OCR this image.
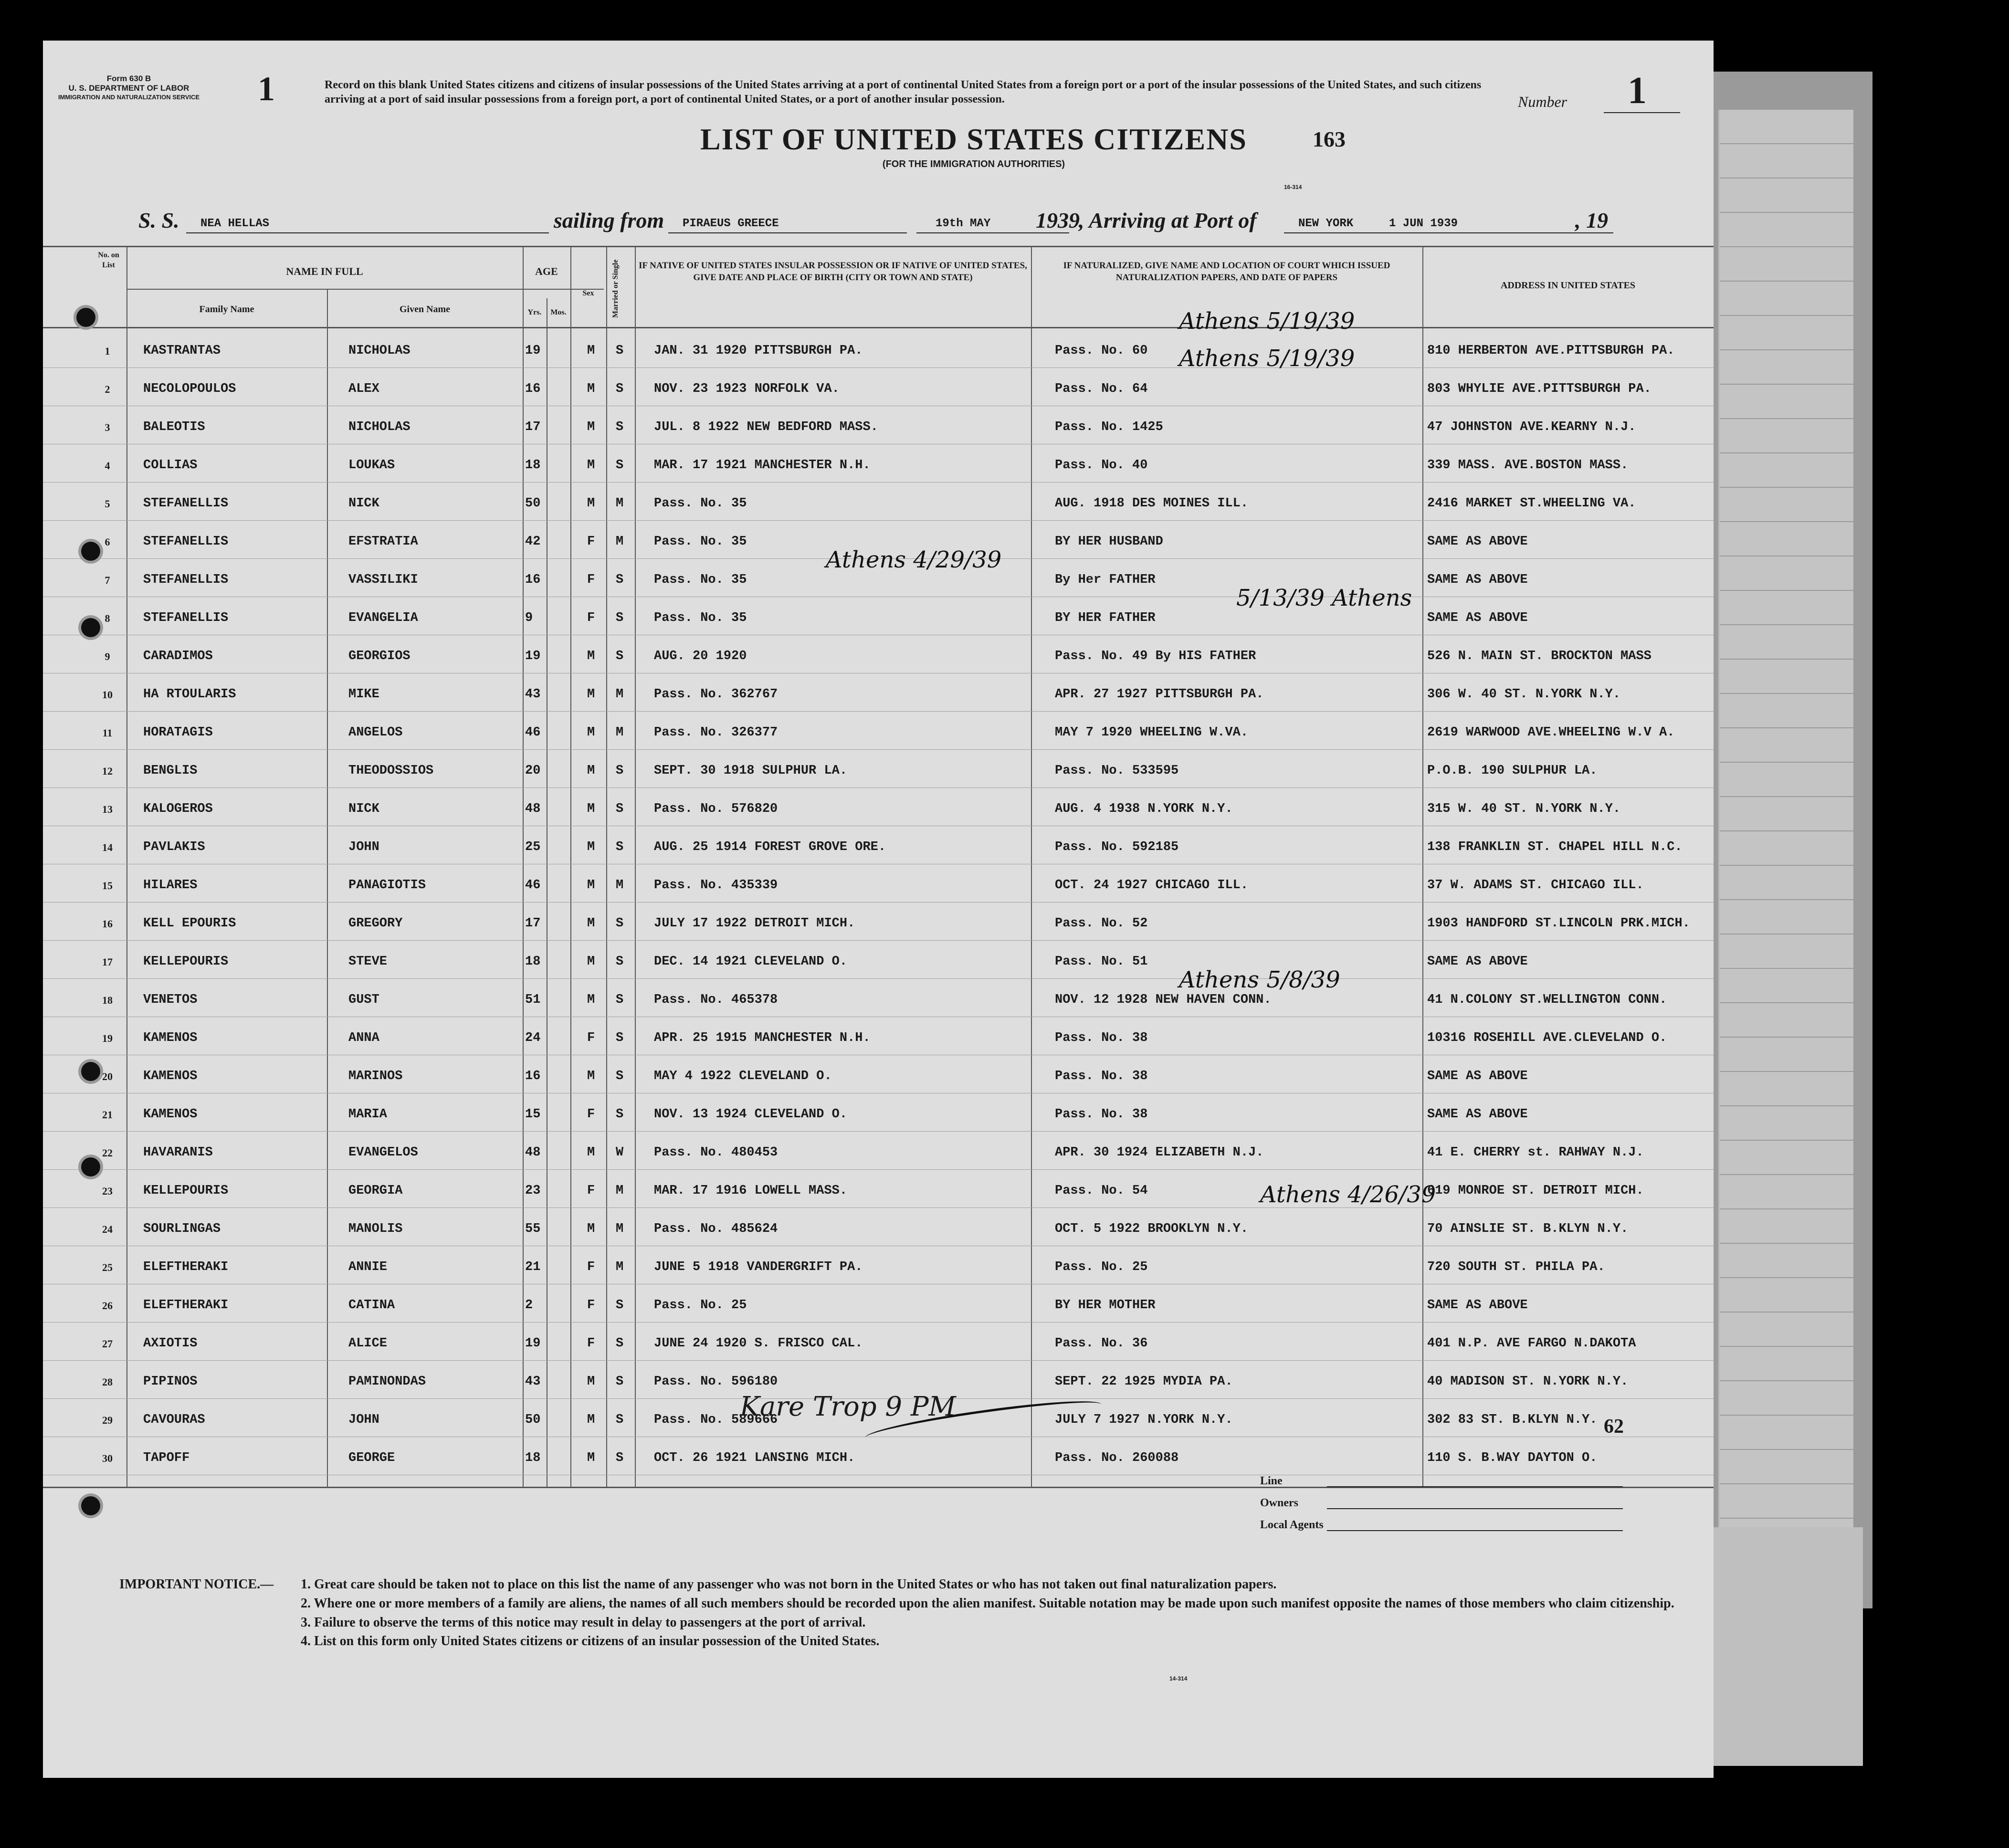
Form 630 B
U. S. DEPARTMENT OF LABOR
IMMIGRATION AND NATURALIZATION SERVICE	1	Record on this blank United States citizens and citizens of insular possessions of the United States arriving at a port of continental United States from a foreign port or a port of the insular possessions of the United States, and such citizens arriving at a port of said insular possessions from a foreign port, a port of continental United States, or a port of another insular possession.	Number 1
LIST OF UNITED STATES CITIZENS
(FOR THE IMMIGRATION AUTHORITIES)
163
S. S. NEA HELLAS	sailing from PIRAEUS GREECE	19th MAY 1939
, Arriving at Port of	NEW YORK	1 JUN 1939	, 19
16-314
No. on List
NAME IN FULL
Family Name	Given Name
AGE
Yrs.	Mos.
Sex	Married or Single	IF NATIVE OF UNITED STATES INSULAR POSSESSION OR IF NATIVE OF UNITED STATES, GIVE DATE AND PLACE OF BIRTH (CITY OR TOWN AND STATE)
IF NATURALIZED, GIVE NAME AND LOCATION OF COURT WHICH ISSUED NATURALIZATION PAPERS, AND DATE OF PAPERS
ADDRESS IN UNITED STATES
1	KASTRANTAS	NICHOLAS	19	M S JAN. 31 1920 PITTSBURGH PA.	Pass. No. 60	810 HERBERTON AVE.PITTSBURGH PA.
2	NECOLOPOULOS	ALEX	16	M S NOV. 23 1923 NORFOLK VA.	Pass. No. 64	803 WHYLIE AVE.PITTSBURGH PA.
3	BALEOTIS	NICHOLAS	17	M S JUL. 8 1922 NEW BEDFORD MASS.	Pass. No. 1425	47 JOHNSTON AVE.KEARNY N.J.
4	COLLIAS	LOUKAS	18	M S MAR. 17 1921 MANCHESTER N.H.	Pass. No. 40	339 MASS. AVE.BOSTON MASS.
5	STEFANELLIS	NICK	50	M M Pass. No. 35	AUG. 1918 DES MOINES ILL.	2416 MARKET ST.WHEELING VA.
6	STEFANELLIS	EFSTRATIA	42	F M Pass. No. 35	BY HER HUSBAND	SAME AS ABOVE
7	STEFANELLIS	VASSILIKI	16	F S Pass. No. 35	By Her FATHER	SAME AS ABOVE
8	STEFANELLIS	EVANGELIA	9	F S Pass. No. 35	BY HER FATHER	SAME AS ABOVE
9	CARADIMOS	GEORGIOS	19	M S AUG. 20 1920	Pass. No. 49 By HIS FATHER	526 N. MAIN ST. BROCKTON MASS
10	HA RTOULARIS	MIKE	43	M M Pass. No. 362767	APR. 27 1927 PITTSBURGH PA.	306 W. 40 ST. N.YORK N.Y.
11	HORATAGIS	ANGELOS	46	M M Pass. No. 326377	MAY 7 1920 WHEELING W.VA.	2619 WARWOOD AVE.WHEELING W.V A.
12	BENGLIS	THEODOSSIOS	20	M S SEPT. 30 1918 SULPHUR LA.	Pass. No. 533595	P.O.B. 190 SULPHUR LA.
13	KALOGEROS	NICK	48	M S Pass. No. 576820	AUG. 4 1938 N.YORK N.Y.	315 W. 40 ST. N.YORK N.Y.
14	PAVLAKIS	JOHN	25	M S AUG. 25 1914 FOREST GROVE ORE.	Pass. No. 592185	138 FRANKLIN ST. CHAPEL HILL N.C.
15	HILARES	PANAGIOTIS	46	M M Pass. No. 435339	OCT. 24 1927 CHICAGO ILL.	37 W. ADAMS ST. CHICAGO ILL.
16	KELL EPOURIS	GREGORY	17	M S JULY 17 1922 DETROIT MICH.	Pass. No. 52	1903 HANDFORD ST.LINCOLN PRK.MICH.
17	KELLEPOURIS	STEVE	18	M S DEC. 14 1921 CLEVELAND O.	Pass. No. 51	SAME AS ABOVE
18	VENETOS	GUST	51	M S Pass. No. 465378	NOV. 12 1928 NEW HAVEN CONN.	41 N.COLONY ST.WELLINGTON CONN.
19	KAMENOS	ANNA	24	F S APR. 25 1915 MANCHESTER N.H.	Pass. No. 38	10316 ROSEHILL AVE.CLEVELAND O.
20	KAMENOS	MARINOS	16	M S MAY 4 1922 CLEVELAND O.	Pass. No. 38	SAME AS ABOVE
21	KAMENOS	MARIA	15	F S NOV. 13 1924 CLEVELAND O.	Pass. No. 38	SAME AS ABOVE
22	HAVARANIS	EVANGELOS	48	M W Pass. No. 480453	APR. 30 1924 ELIZABETH N.J.	41 E. CHERRY st. RAHWAY N.J.
23	KELLEPOURIS	GEORGIA	23	F M MAR. 17 1916 LOWELL MASS.	Pass. No. 54	619 MONROE ST. DETROIT MICH.
24	SOURLINGAS	MANOLIS	55	M M Pass. No. 485624	OCT. 5 1922 BROOKLYN N.Y.	70 AINSLIE ST. B.KLYN N.Y.
25	ELEFTHERAKI	ANNIE	21	F M JUNE 5 1918 VANDERGRIFT PA.	Pass. No. 25	720 SOUTH ST. PHILA PA.
26	ELEFTHERAKI	CATINA	2	F S Pass. No. 25	BY HER MOTHER	SAME AS ABOVE
27	AXIOTIS	ALICE	19	F S JUNE 24 1920 S. FRISCO CAL.	Pass. No. 36	401 N.P. AVE FARGO N.DAKOTA
28	PIPINOS	PAMINONDAS	43	M S Pass. No. 596180	SEPT. 22 1925 MYDIA PA.	40 MADISON ST. N.YORK N.Y.
29	CAVOURAS	JOHN	50	M S Pass. No. 589666	JULY 7 1927 N.YORK N.Y.	302 83 ST. B.KLYN N.Y.
30	TAPOFF	GEORGE	18	M S OCT. 26 1921 LANSING MICH.	Pass. No. 260088	110 S. B.WAY DAYTON O.
Athens 5/19/39
Athens 5/19/39
Athens 4/29/39
5/13/39 Athens
Athens 5/8/39
Athens 4/26/39
Kare Trop 9 PM
62
Line
Owners
Local Agents
IMPORTANT NOTICE.— 1. Great care should be taken not to place on this list the name of any passenger who was not born in the United States or who has not taken out final naturalization papers.
2. Where one or more members of a family are aliens, the names of all such members should be recorded upon the alien manifest. Suitable notation may be made upon such manifest opposite the names of those members who claim citizenship.
3. Failure to observe the terms of this notice may result in delay to passengers at the port of arrival.
4. List on this form only United States citizens or citizens of an insular possession of the United States.
14-314
